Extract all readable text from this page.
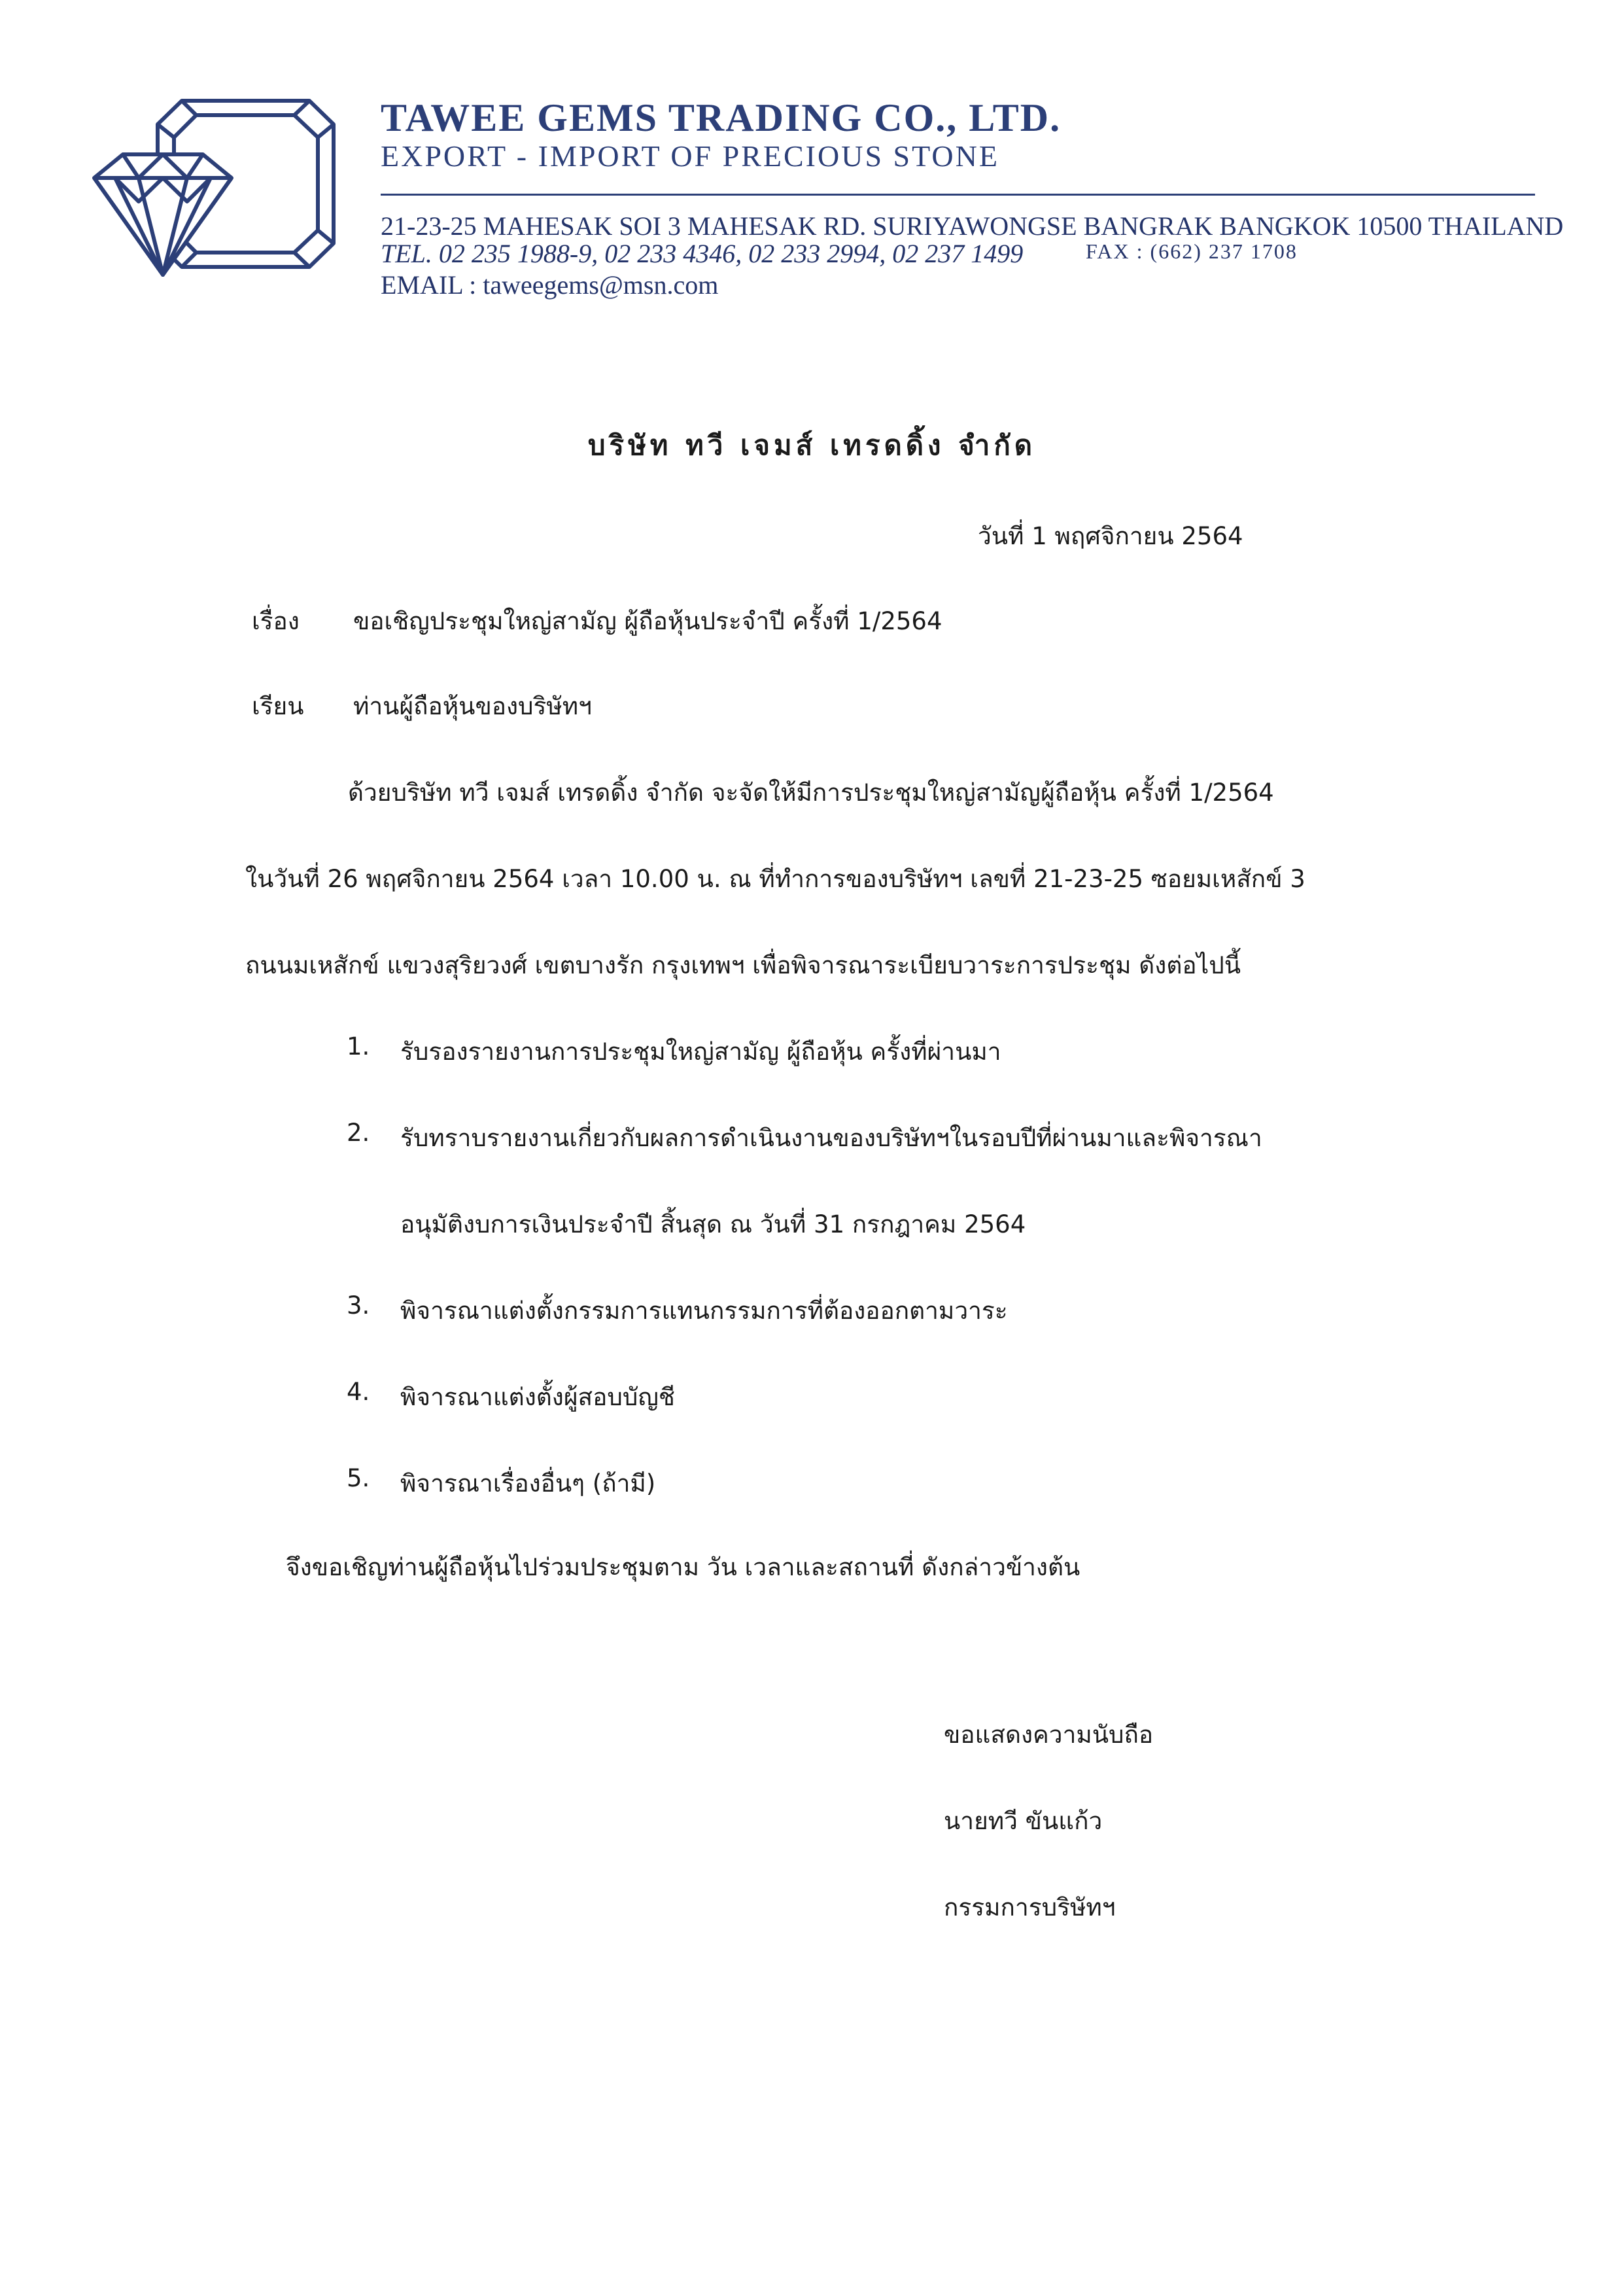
TAWEE GEMS TRADING CO., LTD.
EXPORT - IMPORT OF PRECIOUS STONE
21-23-25 MAHESAK SOI 3 MAHESAK RD. SURIYAWONGSE BANGRAK BANGKOK 10500 THAILAND
TEL. 02 235 1988-9, 02 233 4346, 02 233 2994, 02 237 1499	FAX : (662) 237 1708
EMAIL : taweegems@msn.com
บริษัท ทวี เจมส์ เทรดดิ้ง จำกัด
วันที่ 1 พฤศจิกายน 2564
เรื่อง ขอเชิญประชุมใหญ่สามัญ ผู้ถือหุ้นประจำปี ครั้งที่ 1/2564
เรียน ท่านผู้ถือหุ้นของบริษัทฯ
ด้วยบริษัท ทวี เจมส์ เทรดดิ้ง จำกัด จะจัดให้มีการประชุมใหญ่สามัญผู้ถือหุ้น ครั้งที่ 1/2564
ในวันที่ 26 พฤศจิกายน 2564 เวลา 10.00 น. ณ ที่ทำการของบริษัทฯ เลขที่ 21-23-25 ซอยมเหสักข์ 3
ถนนมเหสักข์ แขวงสุริยวงศ์ เขตบางรัก กรุงเทพฯ เพื่อพิจารณาระเบียบวาระการประชุม ดังต่อไปนี้
1. รับรองรายงานการประชุมใหญ่สามัญ ผู้ถือหุ้น ครั้งที่ผ่านมา
2. รับทราบรายงานเกี่ยวกับผลการดำเนินงานของบริษัทฯในรอบปีที่ผ่านมาและพิจารณา
อนุมัติงบการเงินประจำปี สิ้นสุด ณ วันที่ 31 กรกฎาคม 2564
3. พิจารณาแต่งตั้งกรรมการแทนกรรมการที่ต้องออกตามวาระ
4. พิจารณาแต่งตั้งผู้สอบบัญชี
5. พิจารณาเรื่องอื่นๆ (ถ้ามี)
จึงขอเชิญท่านผู้ถือหุ้นไปร่วมประชุมตาม วัน เวลาและสถานที่ ดังกล่าวข้างต้น
ขอแสดงความนับถือ
นายทวี ขันแก้ว
กรรมการบริษัทฯ
